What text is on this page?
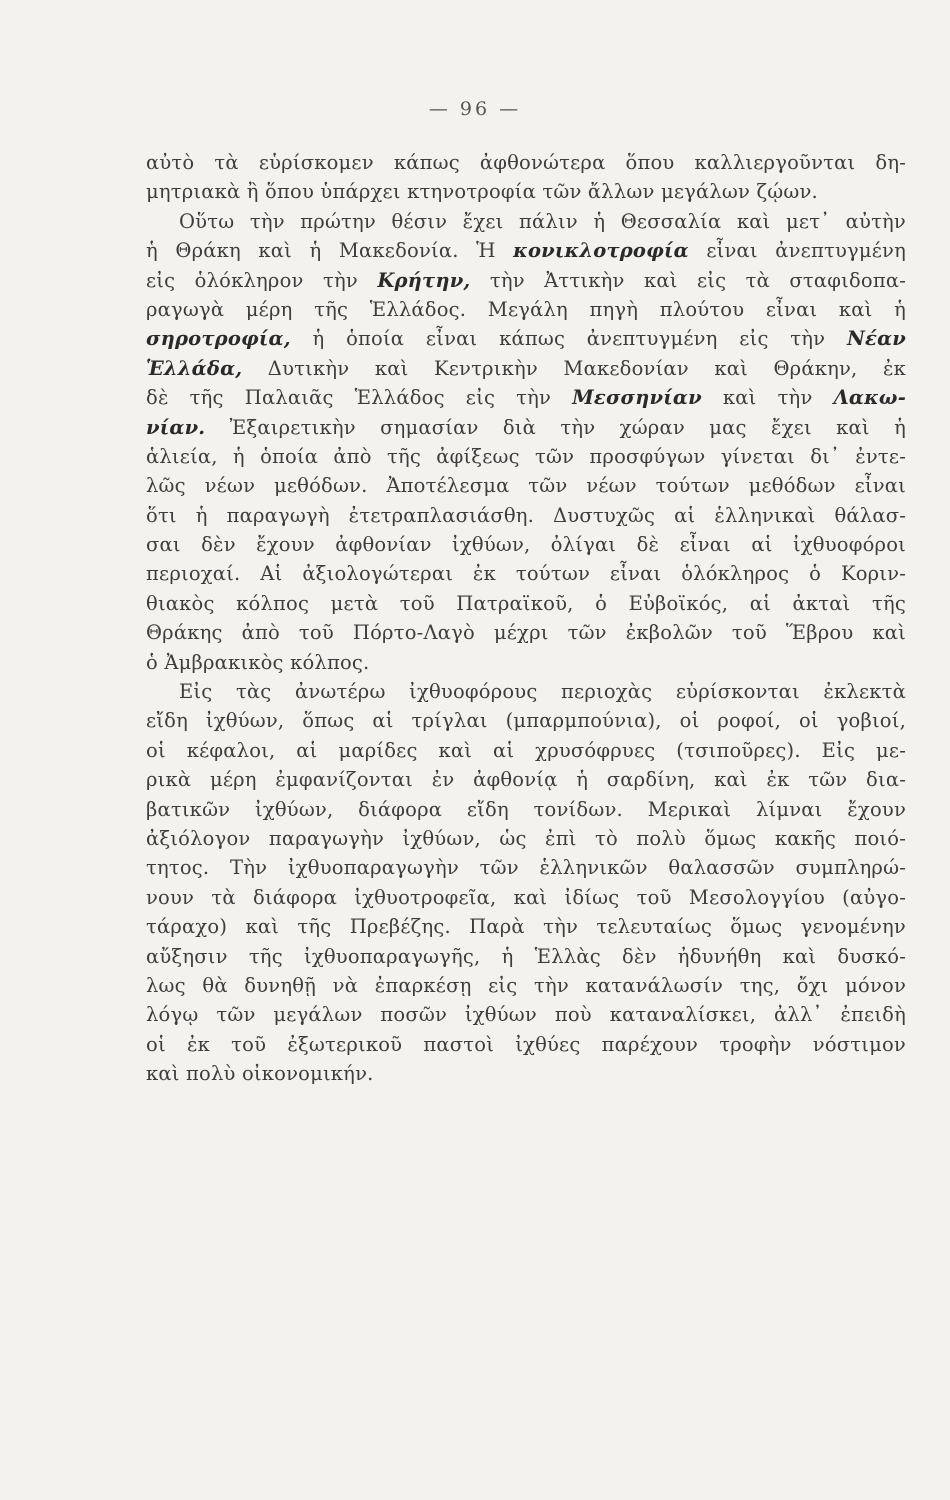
— 96 —
αὐτὸ τὰ εὑρίσκομεν κάπως ἀφθονώτερα ὅπου καλλιεργοῦνται δη-
μητριακὰ ἢ ὅπου ὑπάρχει κτηνοτροφία τῶν ἄλλων μεγάλων ζῴων.
Οὕτω τὴν πρώτην θέσιν ἔχει πάλιν ἡ Θεσσαλία καὶ μετ᾽ αὐτὴν
ἡ Θράκη καὶ ἡ Μακεδονία. Ἡ κονικλοτροφία εἶναι ἀνεπτυγμένη
εἰς ὁλόκληρον τὴν Κρήτην, τὴν Ἀττικὴν καὶ εἰς τὰ σταφιδοπα-
ραγωγὰ μέρη τῆς Ἑλλάδος. Μεγάλη πηγὴ πλούτου εἶναι καὶ ἡ
σηροτροφία, ἡ ὁποία εἶναι κάπως ἀνεπτυγμένη εἰς τὴν Νέαν
Ἑλλάδα, Δυτικὴν καὶ Κεντρικὴν Μακεδονίαν καὶ Θράκην, ἐκ
δὲ τῆς Παλαιᾶς Ἑλλάδος εἰς τὴν Μεσσηνίαν καὶ τὴν Λακω-
νίαν. Ἐξαιρετικὴν σημασίαν διὰ τὴν χώραν μας ἔχει καὶ ἡ
ἁλιεία, ἡ ὁποία ἀπὸ τῆς ἀφίξεως τῶν προσφύγων γίνεται δι᾽ ἐντε-
λῶς νέων μεθόδων. Ἀποτέλεσμα τῶν νέων τούτων μεθόδων εἶναι
ὅτι ἡ παραγωγὴ ἐτετραπλασιάσθη. Δυστυχῶς αἱ ἑλληνικαὶ θάλασ-
σαι δὲν ἔχουν ἀφθονίαν ἰχθύων, ὀλίγαι δὲ εἶναι αἱ ἰχθυοφόροι
περιοχαί. Αἱ ἀξιολογώτεραι ἐκ τούτων εἶναι ὁλόκληρος ὁ Κοριν-
θιακὸς κόλπος μετὰ τοῦ Πατραϊκοῦ, ὁ Εὐβοϊκός, αἱ ἀκταὶ τῆς
Θράκης ἀπὸ τοῦ Πόρτο-Λαγὸ μέχρι τῶν ἐκβολῶν τοῦ Ἕβρου καὶ
ὁ Ἀμβρακικὸς κόλπος.
Εἰς τὰς ἀνωτέρω ἰχθυοφόρους περιοχὰς εὑρίσκονται ἐκλεκτὰ
εἴδη ἰχθύων, ὅπως αἱ τρίγλαι (μπαρμπούνια), οἱ ροφοί, οἱ γοβιοί,
οἱ κέφαλοι, αἱ μαρίδες καὶ αἱ χρυσόφρυες (τσιποῦρες). Εἰς με-
ρικὰ μέρη ἐμφανίζονται ἐν ἀφθονίᾳ ἡ σαρδίνη, καὶ ἐκ τῶν δια-
βατικῶν ἰχθύων, διάφορα εἴδη τονίδων. Μερικαὶ λίμναι ἔχουν
ἀξιόλογον παραγωγὴν ἰχθύων, ὡς ἐπὶ τὸ πολὺ ὅμως κακῆς ποιό-
τητος. Τὴν ἰχθυοπαραγωγὴν τῶν ἑλληνικῶν θαλασσῶν συμπληρώ-
νουν τὰ διάφορα ἰχθυοτροφεῖα, καὶ ἰδίως τοῦ Μεσολογγίου (αὐγο-
τάραχο) καὶ τῆς Πρεβέζης. Παρὰ τὴν τελευταίως ὅμως γενομένην
αὔξησιν τῆς ἰχθυοπαραγωγῆς, ἡ Ἑλλὰς δὲν ἠδυνήθη καὶ δυσκό-
λως θὰ δυνηθῇ νὰ ἐπαρκέσῃ εἰς τὴν κατανάλωσίν της, ὄχι μόνον
λόγῳ τῶν μεγάλων ποσῶν ἰχθύων ποὺ καταναλίσκει, ἀλλ᾽ ἐπειδὴ
οἱ ἐκ τοῦ ἐξωτερικοῦ παστοὶ ἰχθύες παρέχουν τροφὴν νόστιμον
καὶ πολὺ οἰκονομικήν.
